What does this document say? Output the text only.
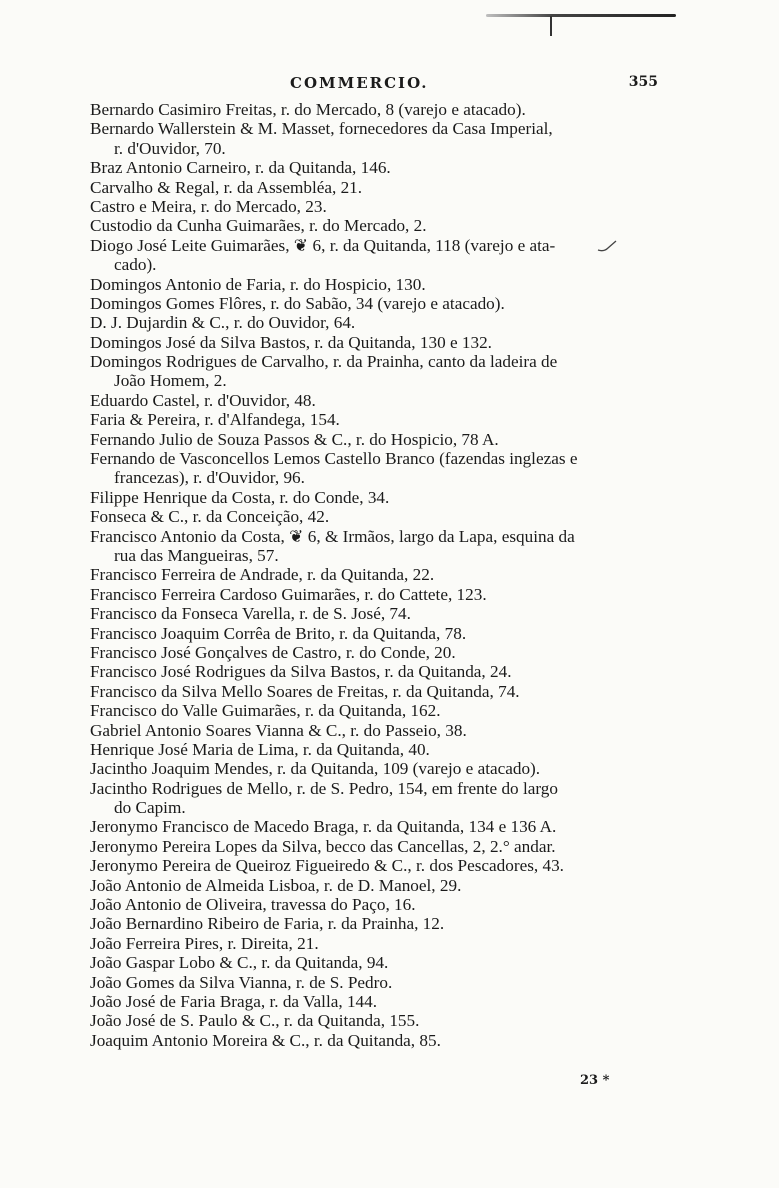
COMMERCIO.	355
Bernardo Casimiro Freitas, r. do Mercado, 8 (varejo e atacado).
Bernardo Wallerstein & M. Masset, fornecedores da Casa Imperial,
r. d'Ouvidor, 70.
Braz Antonio Carneiro, r. da Quitanda, 146.
Carvalho & Regal, r. da Assembléa, 21.
Castro e Meira, r. do Mercado, 23.
Custodio da Cunha Guimarães, r. do Mercado, 2.
Diogo José Leite Guimarães, ❦ 6, r. da Quitanda, 118 (varejo e ata-
cado).
Domingos Antonio de Faria, r. do Hospicio, 130.
Domingos Gomes Flôres, r. do Sabão, 34 (varejo e atacado).
D. J. Dujardin & C., r. do Ouvidor, 64.
Domingos José da Silva Bastos, r. da Quitanda, 130 e 132.
Domingos Rodrigues de Carvalho, r. da Prainha, canto da ladeira de
João Homem, 2.
Eduardo Castel, r. d'Ouvidor, 48.
Faria & Pereira, r. d'Alfandega, 154.
Fernando Julio de Souza Passos & C., r. do Hospicio, 78 A.
Fernando de Vasconcellos Lemos Castello Branco (fazendas inglezas e
francezas), r. d'Ouvidor, 96.
Filippe Henrique da Costa, r. do Conde, 34.
Fonseca & C., r. da Conceição, 42.
Francisco Antonio da Costa, ❦ 6, & Irmãos, largo da Lapa, esquina da
rua das Mangueiras, 57.
Francisco Ferreira de Andrade, r. da Quitanda, 22.
Francisco Ferreira Cardoso Guimarães, r. do Cattete, 123.
Francisco da Fonseca Varella, r. de S. José, 74.
Francisco Joaquim Corrêa de Brito, r. da Quitanda, 78.
Francisco José Gonçalves de Castro, r. do Conde, 20.
Francisco José Rodrigues da Silva Bastos, r. da Quitanda, 24.
Francisco da Silva Mello Soares de Freitas, r. da Quitanda, 74.
Francisco do Valle Guimarães, r. da Quitanda, 162.
Gabriel Antonio Soares Vianna & C., r. do Passeio, 38.
Henrique José Maria de Lima, r. da Quitanda, 40.
Jacintho Joaquim Mendes, r. da Quitanda, 109 (varejo e atacado).
Jacintho Rodrigues de Mello, r. de S. Pedro, 154, em frente do largo
do Capim.
Jeronymo Francisco de Macedo Braga, r. da Quitanda, 134 e 136 A.
Jeronymo Pereira Lopes da Silva, becco das Cancellas, 2, 2.° andar.
Jeronymo Pereira de Queiroz Figueiredo & C., r. dos Pescadores, 43.
João Antonio de Almeida Lisboa, r. de D. Manoel, 29.
João Antonio de Oliveira, travessa do Paço, 16.
João Bernardino Ribeiro de Faria, r. da Prainha, 12.
João Ferreira Pires, r. Direita, 21.
João Gaspar Lobo & C., r. da Quitanda, 94.
João Gomes da Silva Vianna, r. de S. Pedro.
João José de Faria Braga, r. da Valla, 144.
João José de S. Paulo & C., r. da Quitanda, 155.
Joaquim Antonio Moreira & C., r. da Quitanda, 85.
23 *
